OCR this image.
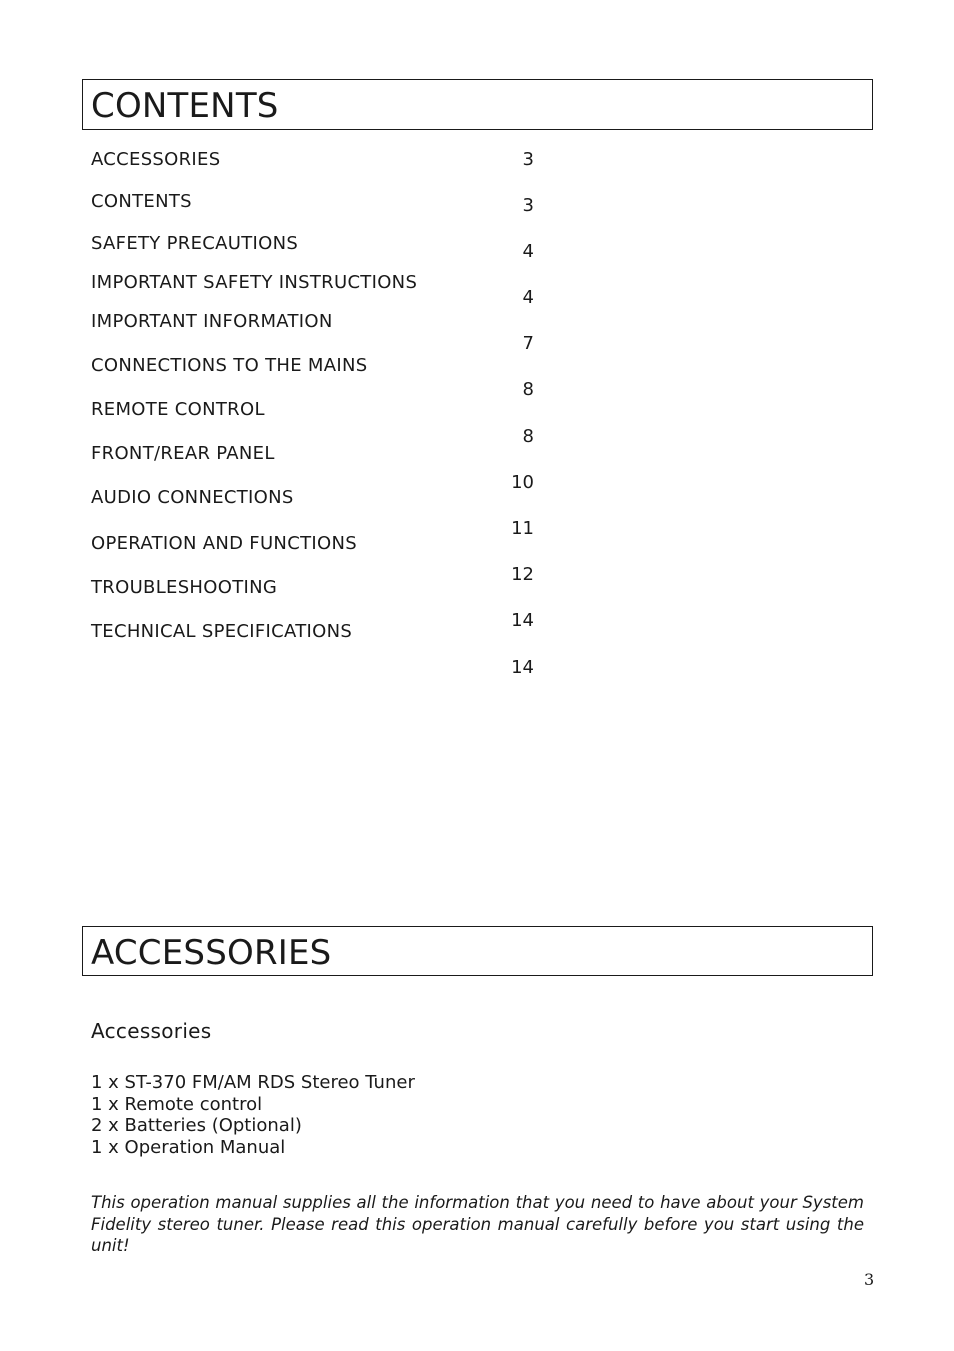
CONTENTS
ACCESSORIES
CONTENTS
SAFETY PRECAUTIONS
IMPORTANT SAFETY INSTRUCTIONS
IMPORTANT INFORMATION
CONNECTIONS TO THE MAINS
REMOTE CONTROL
FRONT/REAR PANEL
AUDIO CONNECTIONS
OPERATION AND FUNCTIONS
TROUBLESHOOTING
TECHNICAL SPECIFICATIONS
3
3
4
4
7
8
8
10
11
12
14
14
ACCESSORIES
Accessories
1 x ST-370 FM/AM RDS Stereo Tuner
1 x Remote control
2 x Batteries (Optional)
1 x Operation Manual
This operation manual supplies all the information that you need to have about your System Fidelity stereo tuner. Please read this operation manual carefully before you start using the unit!
3
